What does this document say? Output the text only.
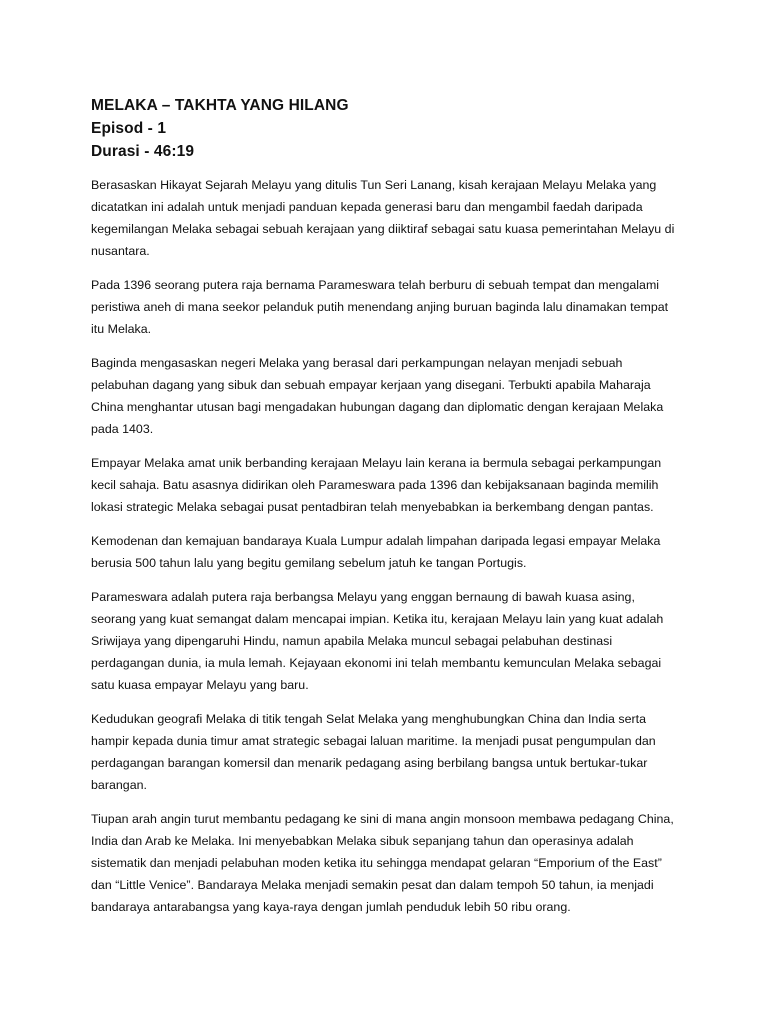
MELAKA – TAKHTA YANG HILANG

Episod - 1

Durasi - 46:19

Berasaskan Hikayat Sejarah Melayu yang ditulis Tun Seri Lanang, kisah kerajaan Melayu Melaka yang dicatatkan ini adalah untuk menjadi panduan kepada generasi baru dan mengambil faedah daripada kegemilangan Melaka sebagai sebuah kerajaan yang diiktiraf sebagai satu kuasa pemerintahan Melayu di nusantara.

Pada 1396 seorang putera raja bernama Parameswara telah berburu di sebuah tempat dan mengalami peristiwa aneh di mana seekor pelanduk putih menendang anjing buruan baginda lalu dinamakan tempat itu Melaka.

Baginda mengasaskan negeri Melaka yang berasal dari perkampungan nelayan menjadi sebuah pelabuhan dagang yang sibuk dan sebuah empayar kerjaan yang disegani. Terbukti apabila Maharaja China menghantar utusan bagi mengadakan hubungan dagang dan diplomatic dengan kerajaan Melaka pada 1403.

Empayar Melaka amat unik berbanding kerajaan Melayu lain kerana ia bermula sebagai perkampungan kecil sahaja. Batu asasnya didirikan oleh Parameswara pada 1396 dan kebijaksanaan baginda memilih lokasi strategic Melaka sebagai pusat pentadbiran telah menyebabkan ia berkembang dengan pantas.

Kemodenan dan kemajuan bandaraya Kuala Lumpur adalah limpahan daripada legasi empayar Melaka berusia 500 tahun lalu yang begitu gemilang sebelum jatuh ke tangan Portugis.

Parameswara adalah putera raja berbangsa Melayu yang enggan bernaung di bawah kuasa asing, seorang yang kuat semangat dalam mencapai impian. Ketika itu, kerajaan Melayu lain yang kuat adalah Sriwijaya yang dipengaruhi Hindu, namun apabila Melaka muncul sebagai pelabuhan destinasi perdagangan dunia, ia mula lemah. Kejayaan ekonomi ini telah membantu kemunculan Melaka sebagai satu kuasa empayar Melayu yang baru.

Kedudukan geografi Melaka di titik tengah Selat Melaka yang menghubungkan China dan India serta hampir kepada dunia timur amat strategic sebagai laluan maritime. Ia menjadi pusat pengumpulan dan perdagangan barangan komersil dan menarik pedagang asing berbilang bangsa untuk bertukar-tukar barangan.

Tiupan arah angin turut membantu pedagang ke sini di mana angin monsoon membawa pedagang China, India dan Arab ke Melaka. Ini menyebabkan Melaka sibuk sepanjang tahun dan operasinya adalah sistematik dan menjadi pelabuhan moden ketika itu sehingga mendapat gelaran “Emporium of the East” dan “Little Venice”. Bandaraya Melaka menjadi semakin pesat dan dalam tempoh 50 tahun, ia menjadi bandaraya antarabangsa yang kaya-raya dengan jumlah penduduk lebih 50 ribu orang.
